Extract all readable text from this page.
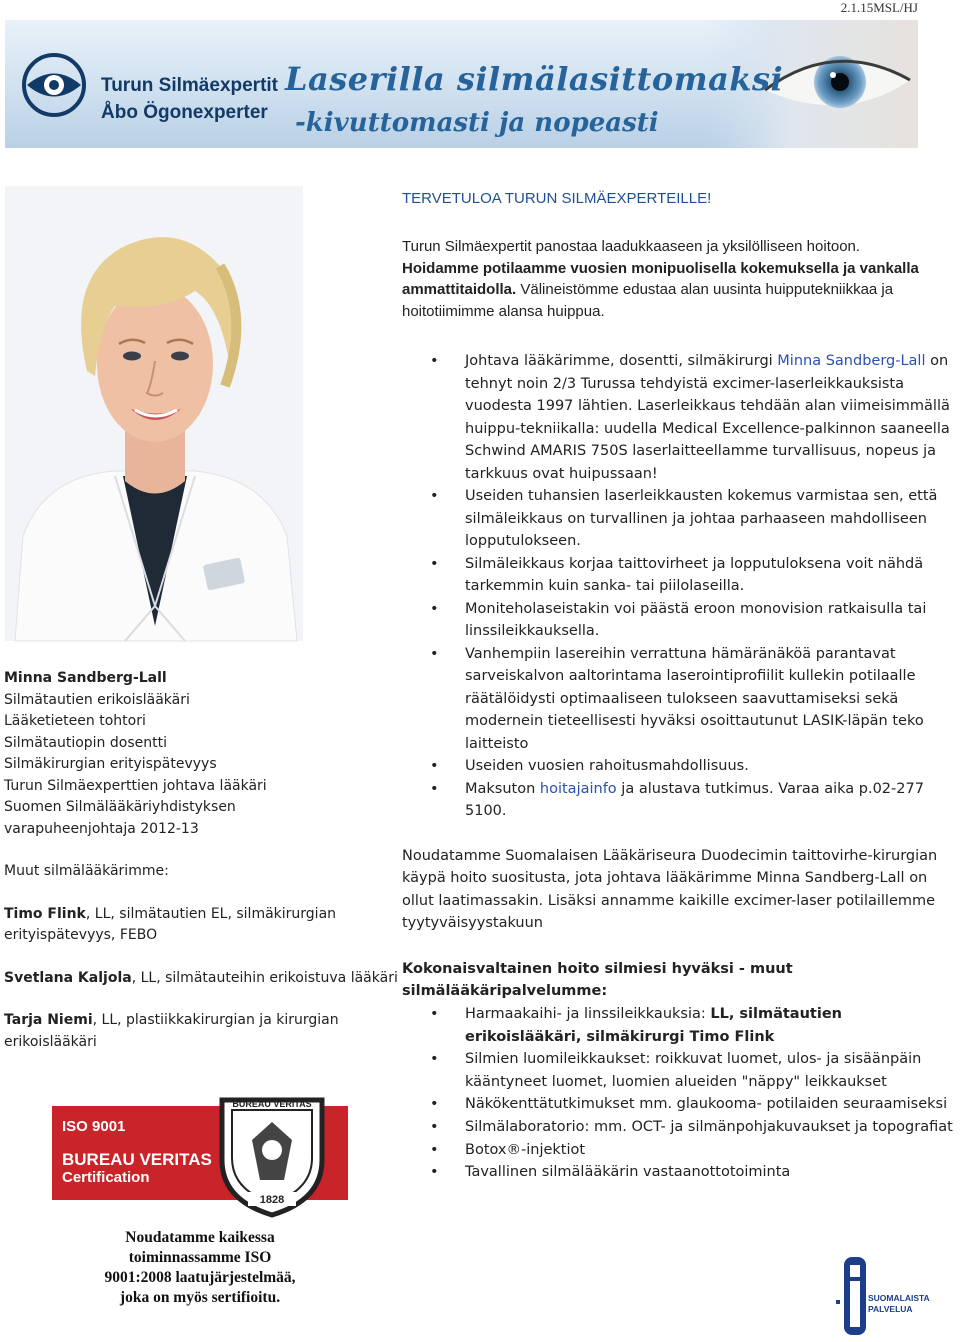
2.1.15MSL/HJ
Turun Silmäexpertit
Åbo Ögonexperter
Laserilla silmälasittomaksi
-kivuttomasti ja nopeasti
TERVETULOA TURUN SILMÄEXPERTEILLE!
Turun Silmäexpertit panostaa laadukkaaseen ja yksilölliseen hoitoon.
Hoidamme potilaamme vuosien monipuolisella kokemuksella ja vankalla ammattitaidolla. Välineistömme edustaa alan uusinta huipputekniikkaa ja hoitotiimimme alansa huippua.
• Johtava lääkärimme, dosentti, silmäkirurgi Minna Sandberg-Lall on tehnyt noin 2/3 Turussa tehdyistä excimer-laserleikkauksista vuodesta 1997 lähtien. Laserleikkaus tehdään alan viimeisimmällä huippu-tekniikalla: uudella Medical Excellence-palkinnon saaneella Schwind AMARIS 750S laserlaitteellamme turvallisuus, nopeus ja tarkkuus ovat huipussaan!
• Useiden tuhansien laserleikkausten kokemus varmistaa sen, että silmäleikkaus on turvallinen ja johtaa parhaaseen mahdolliseen lopputulokseen.
• Silmäleikkaus korjaa taittovirheet ja lopputuloksena voit nähdä tarkemmin kuin sanka- tai piilolaseilla.
• Moniteholaseistakin voi päästä eroon monovision ratkaisulla tai linssileikkauksella.
• Vanhempiin lasereihin verrattuna hämäränäköä parantavat sarveiskalvon aaltorintama laserointiprofiilit kullekin potilaalle räätälöidysti optimaaliseen tulokseen saavuttamiseksi sekä modernein tieteellisesti hyväksi osoittautunut LASIK-läpän teko laitteisto
• Useiden vuosien rahoitusmahdollisuus.
• Maksuton hoitajainfo ja alustava tutkimus. Varaa aika p.02-277 5100.

Minna Sandberg-Lall

Silmätautien erikoislääkäri

Lääketieteen tohtori

Silmätautiopin dosentti

Silmäkirurgian erityispätevyys

Turun Silmäexperttien johtava lääkäri

Suomen Silmälääkäriyhdistyksen

varapuheenjohtaja 2012-13

Muut silmälääkärimme:

Timo Flink, LL, silmätautien EL, silmäkirurgian erityispätevyys, FEBO

Svetlana Kaljola, LL, silmätauteihin erikoistuva lääkäri

Tarja Niemi, LL, plastiikkakirurgian ja kirurgian erikoislääkäri

Noudatamme Suomalaisen Lääkäriseura Duodecimin taittovirhe-kirurgian käypä hoito suositusta, jota johtava lääkärimme Minna Sandberg-Lall on ollut laatimassakin. Lisäksi annamme kaikille excimer-laser potilaillemme tyytyväisyystakuun
Kokonaisvaltainen hoito silmiesi hyväksi - muut silmälääkäripalvelumme:
• Harmaakaihi- ja linssileikkauksia: LL, silmätautien erikoislääkäri, silmäkirurgi Timo Flink
• Silmien luomileikkaukset: roikkuvat luomet, ulos- ja sisäänpäin kääntyneet luomet, luomien alueiden "näppy" leikkaukset
• Näkökenttätutkimukset mm. glaukooma- potilaiden seuraamiseksi
• Silmälaboratorio: mm. OCT- ja silmänpohjakuvaukset ja topografiat
• Botox®-injektiot
• Tavallinen silmälääkärin vastaanottotoiminta
ISO 9001
BUREAU VERITAS
Certification
BUREAU VERITAS
1828
Noudatamme kaikessa toiminnassamme ISO 9001:2008 laatujärjestelmää, joka on myös sertifioitu.	SUOMALAISTA
PALVELUA
